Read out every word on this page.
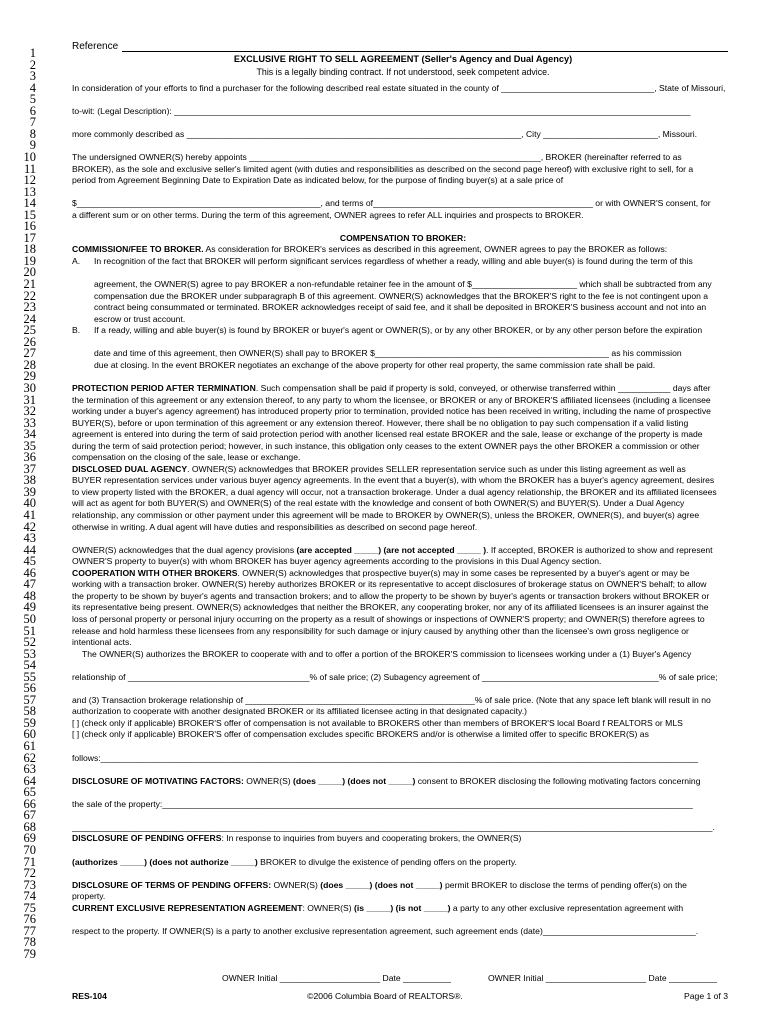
Reference
EXCLUSIVE RIGHT TO SELL AGREEMENT (Seller's Agency and Dual Agency)
This is a legally binding contract. If not understood, seek competent advice.
1
2
3
4
5
6
7
8
9
10
11
12
13
14
15
16
17
18
19
20
21
22
23
24
25
26
27
28
29
30
31
32
33
34
35
36
37
38
39
40
41
42
43
44
45
46
47
48
49
50
51
52
53
54
55
56
57
58
59
60
61
62
63
64
65
66
67
68
69
70
71
72
73
74
75
76
77
78
79
In consideration of your efforts to find a purchaser for the following described real estate situated in the county of ________________________________, State of Missouri,
to-wit: (Legal Description): ____________________________________________________________________________________________________________
more commonly described as ______________________________________________________________________, City ________________________, Missouri.
The undersigned OWNER(S) hereby appoints _____________________________________________________________, BROKER (hereinafter referred to as
BROKER), as the sole and exclusive seller's limited agent (with duties and responsibilities as described on the second page hereof) with exclusive right to sell, for a
period from Agreement Beginning Date to Expiration Date as indicated below, for the purpose of finding buyer(s) at a sale price of
$___________________________________________________, and terms of______________________________________________ or with OWNER'S consent, for
a different sum or on other terms. During the term of this agreement, OWNER agrees to refer ALL inquiries and prospects to BROKER.
COMPENSATION TO BROKER:
COMMISSION/FEE TO BROKER. As consideration for BROKER's services as described in this agreement, OWNER agrees to pay the BROKER as follows:
A.	In recognition of the fact that BROKER will perform significant services regardless of whether a ready, willing and able buyer(s) is found during the term of this
agreement, the OWNER(S) agree to pay BROKER a non-refundable retainer fee in the amount of $______________________ which shall be subtracted from any
compensation due the BROKER under subparagraph B of this agreement. OWNER(S) acknowledges that the BROKER'S right to the fee is not contingent upon a
contract being consummated or terminated. BROKER acknowledges receipt of said fee, and it shall be deposited in BROKER'S business account and not into an
escrow or trust account.
B.	If a ready, willing and able buyer(s) is found by BROKER or buyer's agent or OWNER(S), or by any other BROKER, or by any other person before the expiration
date and time of this agreement, then OWNER(S) shall pay to BROKER $_________________________________________________ as his commission
due at closing. In the event BROKER negotiates an exchange of the above property for other real property, the same commission rate shall be paid.
PROTECTION PERIOD AFTER TERMINATION. Such compensation shall be paid if property is sold, conveyed, or otherwise transferred within ___________ days after
the termination of this agreement or any extension thereof, to any party to whom the licensee, or BROKER or any of BROKER'S affiliated licensees (including a licensee
working under a buyer's agency agreement) has introduced property prior to termination, provided notice has been received in writing, including the name of prospective
BUYER(S), before or upon termination of this agreement or any extension thereof. However, there shall be no obligation to pay such compensation if a valid listing
agreement is entered into during the term of said protection period with another licensed real estate BROKER and the sale, lease or exchange of the property is made
during the term of said protection period; however, in such instance, this obligation only ceases to the extent OWNER pays the other BROKER a commission or other
compensation on the closing of the sale, lease or exchange.
DISCLOSED DUAL AGENCY. OWNER(S) acknowledges that BROKER provides SELLER representation service such as under this listing agreement as well as
BUYER representation services under various buyer agency agreements. In the event that a buyer(s), with whom the BROKER has a buyer's agency agreement, desires
to view property listed with the BROKER, a dual agency will occur, not a transaction brokerage. Under a dual agency relationship, the BROKER and its affiliated licensees
will act as agent for both BUYER(S) and OWNER(S) of the real estate with the knowledge and consent of both OWNER(S) and BUYER(S). Under a Dual Agency
relationship, any commission or other payment under this agreement will be made to BROKER by OWNER(S), unless the BROKER, OWNER(S), and buyer(s) agree
otherwise in writing. A dual agent will have duties and responsibilities as described on second page hereof.
OWNER(S) acknowledges that the dual agency provisions (are accepted _____) (are not accepted _____ ). If accepted, BROKER is authorized to show and represent
OWNER'S property to buyer(s) with whom BROKER has buyer agency agreements according to the provisions in this Dual Agency section.
COOPERATION WITH OTHER BROKERS. OWNER(S) acknowledges that prospective buyer(s) may in some cases be represented by a buyer's agent or may be
working with a transaction broker. OWNER(S) hereby authorizes BROKER or its representative to accept disclosures of brokerage status on OWNER'S behalf; to allow
the property to be shown by buyer's agents and transaction brokers; and to allow the property to be shown by buyer's agents or transaction brokers without BROKER or
its representative being present. OWNER(S) acknowledges that neither the BROKER, any cooperating broker, nor any of its affiliated licensees is an insurer against the
loss of personal property or personal injury occurring on the property as a result of showings or inspections of OWNER'S property; and OWNER(S) therefore agrees to
release and hold harmless these licensees from any responsibility for such damage or injury caused by anything other than the licensee's own gross negligence or
intentional acts.
The OWNER(S) authorizes the BROKER to cooperate with and to offer a portion of the BROKER'S commission to licensees working under a (1) Buyer's Agency
relationship of ______________________________________% of sale price; (2) Subagency agreement of _____________________________________% of sale price;
and (3) Transaction brokerage relationship of ________________________________________________% of sale price. (Note that any space left blank will result in no
authorization to cooperate with another designated BROKER or its affiliated licensee acting in that designated capacity.)
[ ] (check only if applicable) BROKER'S offer of compensation is not available to BROKERS other than members of BROKER'S local Board f REALTORS or MLS
[ ] (check only if applicable) BROKER'S offer of compensation excludes specific BROKERS and/or is otherwise a limited offer to specific BROKER(S) as
follows:_____________________________________________________________________________________________________________________________
DISCLOSURE OF MOTIVATING FACTORS: OWNER(S) (does _____) (does not _____) consent to BROKER disclosing the following motivating factors concerning
the sale of the property:_______________________________________________________________________________________________________________
______________________________________________________________________________________________________________________________________.
DISCLOSURE OF PENDING OFFERS: In response to inquiries from buyers and cooperating brokers, the OWNER(S)
(authorizes _____) (does not authorize _____) BROKER to divulge the existence of pending offers on the property.
DISCLOSURE OF TERMS OF PENDING OFFERS: OWNER(S) (does _____) (does not _____) permit BROKER to disclose the terms of pending offer(s) on the
property.
CURRENT EXCLUSIVE REPRESENTATION AGREEMENT: OWNER(S) (is _____) (is not _____) a party to any other exclusive representation agreement with
respect to the property. If OWNER(S) is a party to another exclusive representation agreement, such agreement ends (date)________________________________.
OWNER Initial _____________________ Date __________	OWNER Initial _____________________ Date __________
RES-104	©2006 Columbia Board of REALTORS®.	Page 1 of 3
